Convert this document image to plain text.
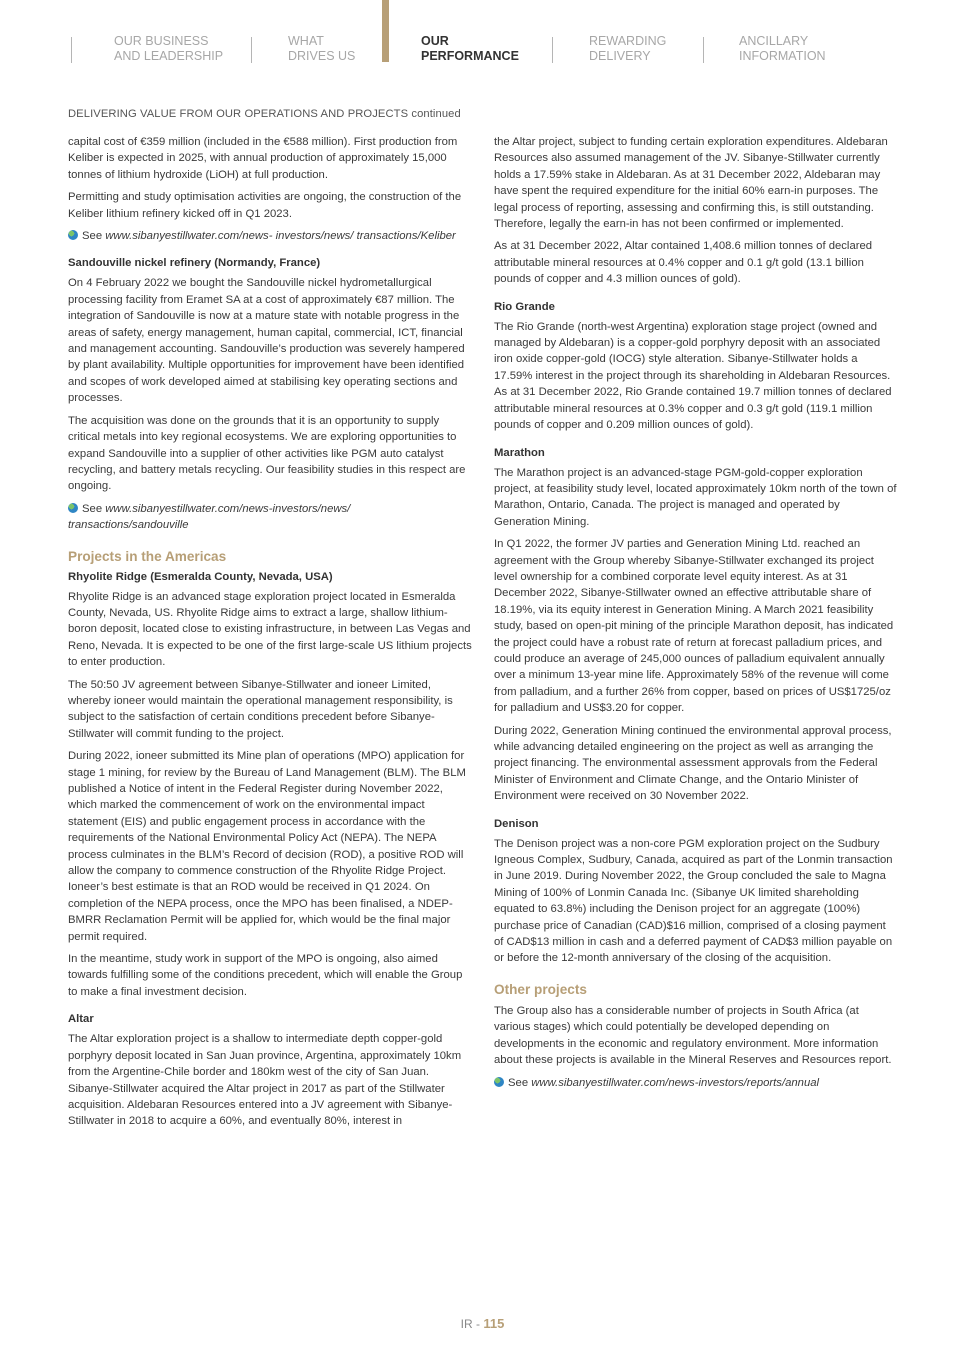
OUR BUSINESS
AND LEADERSHIP
WHAT
DRIVES US
OUR
PERFORMANCE
REWARDING
DELIVERY
ANCILLARY
INFORMATION
DELIVERING VALUE FROM OUR OPERATIONS AND PROJECTS continued

capital cost of €359 million (included in the €588 million). First production from Keliber is expected in 2025, with annual production of approximately 15,000 tonnes of lithium hydroxide (LiOH) at full production.

Permitting and study optimisation activities are ongoing, the construction of the Keliber lithium refinery kicked off in Q1 2023.

See www.sibanyestillwater.com/news- investors/news/ transactions/Keliber

Sandouville nickel refinery (Normandy, France)

On 4 February 2022 we bought the Sandouville nickel hydrometallurgical processing facility from Eramet SA at a cost of approximately €87 million. The integration of Sandouville is now at a mature state with notable progress in the areas of safety, energy management, human capital, commercial, ICT, financial and management accounting. Sandouville’s production was severely hampered by plant availability. Multiple opportunities for improvement have been identified and scopes of work developed aimed at stabilising key operating sections and processes.

The acquisition was done on the grounds that it is an opportunity to supply critical metals into key regional ecosystems. We are exploring opportunities to expand Sandouville into a supplier of other activities like PGM auto catalyst recycling, and battery metals recycling. Our feasibility studies in this respect are ongoing.

See www.sibanyestillwater.com/news-investors/news/ transactions/sandouville

Projects in the Americas
Rhyolite Ridge (Esmeralda County, Nevada, USA)

Rhyolite Ridge is an advanced stage exploration project located in Esmeralda County, Nevada, US. Rhyolite Ridge aims to extract a large, shallow lithium-boron deposit, located close to existing infrastructure, in between Las Vegas and Reno, Nevada. It is expected to be one of the first large-scale US lithium projects to enter production.

The 50:50 JV agreement between Sibanye-Stillwater and ioneer Limited, whereby ioneer would maintain the operational management responsibility, is subject to the satisfaction of certain conditions precedent before Sibanye-Stillwater will commit funding to the project.

During 2022, ioneer submitted its Mine plan of operations (MPO) application for stage 1 mining, for review by the Bureau of Land Management (BLM). The BLM published a Notice of intent in the Federal Register during November 2022, which marked the commencement of work on the environmental impact statement (EIS) and public engagement process in accordance with the requirements of the National Environmental Policy Act (NEPA). The NEPA process culminates in the BLM’s Record of decision (ROD), a positive ROD will allow the company to commence construction of the Rhyolite Ridge Project. Ioneer’s best estimate is that an ROD would be received in Q1 2024. On completion of the NEPA process, once the MPO has been finalised, a NDEP-BMRR Reclamation Permit will be applied for, which would be the final major permit required.

In the meantime, study work in support of the MPO is ongoing, also aimed towards fulfilling some of the conditions precedent, which will enable the Group to make a final investment decision.

Altar

The Altar exploration project is a shallow to intermediate depth copper-gold porphyry deposit located in San Juan province, Argentina, approximately 10km from the Argentine-Chile border and 180km west of the city of San Juan. Sibanye-Stillwater acquired the Altar project in 2017 as part of the Stillwater acquisition. Aldebaran Resources entered into a JV agreement with Sibanye-Stillwater in 2018 to acquire a 60%, and eventually 80%, interest in

the Altar project, subject to funding certain exploration expenditures. Aldebaran Resources also assumed management of the JV. Sibanye-Stillwater currently holds a 17.59% stake in Aldebaran. As at 31 December 2022, Aldebaran may have spent the required expenditure for the initial 60% earn-in purposes. The legal process of reporting, assessing and confirming this, is still outstanding. Therefore, legally the earn-in has not been confirmed or implemented.

As at 31 December 2022, Altar contained 1,408.6 million tonnes of declared attributable mineral resources at 0.4% copper and 0.1 g/t gold (13.1 billion pounds of copper and 4.3 million ounces of gold).

Rio Grande

The Rio Grande (north-west Argentina) exploration stage project (owned and managed by Aldebaran) is a copper-gold porphyry deposit with an associated iron oxide copper-gold (IOCG) style alteration. Sibanye-Stillwater holds a 17.59% interest in the project through its shareholding in Aldebaran Resources. As at 31 December 2022, Rio Grande contained 19.7 million tonnes of declared attributable mineral resources at 0.3% copper and 0.3 g/t gold (119.1 million pounds of copper and 0.209 million ounces of gold).

Marathon

The Marathon project is an advanced-stage PGM-gold-copper exploration project, at feasibility study level, located approximately 10km north of the town of Marathon, Ontario, Canada. The project is managed and operated by Generation Mining.

In Q1 2022, the former JV parties and Generation Mining Ltd. reached an agreement with the Group whereby Sibanye-Stillwater exchanged its project level ownership for a combined corporate level equity interest. As at 31 December 2022, Sibanye-Stillwater owned an effective attributable share of 18.19%, via its equity interest in Generation Mining. A March 2021 feasibility study, based on open-pit mining of the principle Marathon deposit, has indicated the project could have a robust rate of return at forecast palladium prices, and could produce an average of 245,000 ounces of palladium equivalent annually over a minimum 13-year mine life. Approximately 58% of the revenue will come from palladium, and a further 26% from copper, based on prices of US$1725/oz for palladium and US$3.20 for copper.

During 2022, Generation Mining continued the environmental approval process, while advancing detailed engineering on the project as well as arranging the project financing. The environmental assessment approvals from the Federal Minister of Environment and Climate Change, and the Ontario Minister of Environment were received on 30 November 2022.

Denison

The Denison project was a non-core PGM exploration project on the Sudbury Igneous Complex, Sudbury, Canada, acquired as part of the Lonmin transaction in June 2019. During November 2022, the Group concluded the sale to Magna Mining of 100% of Lonmin Canada Inc. (Sibanye UK limited shareholding equated to 63.8%) including the Denison project for an aggregate (100%) purchase price of Canadian (CAD)$16 million, comprised of a closing payment of CAD$13 million in cash and a deferred payment of CAD$3 million payable on or before the 12-month anniversary of the closing of the acquisition.

Other projects

The Group also has a considerable number of projects in South Africa (at various stages) which could potentially be developed depending on developments in the economic and regulatory environment. More information about these projects is available in the Mineral Reserves and Resources report.

See www.sibanyestillwater.com/news-investors/reports/annual

IR - 115
